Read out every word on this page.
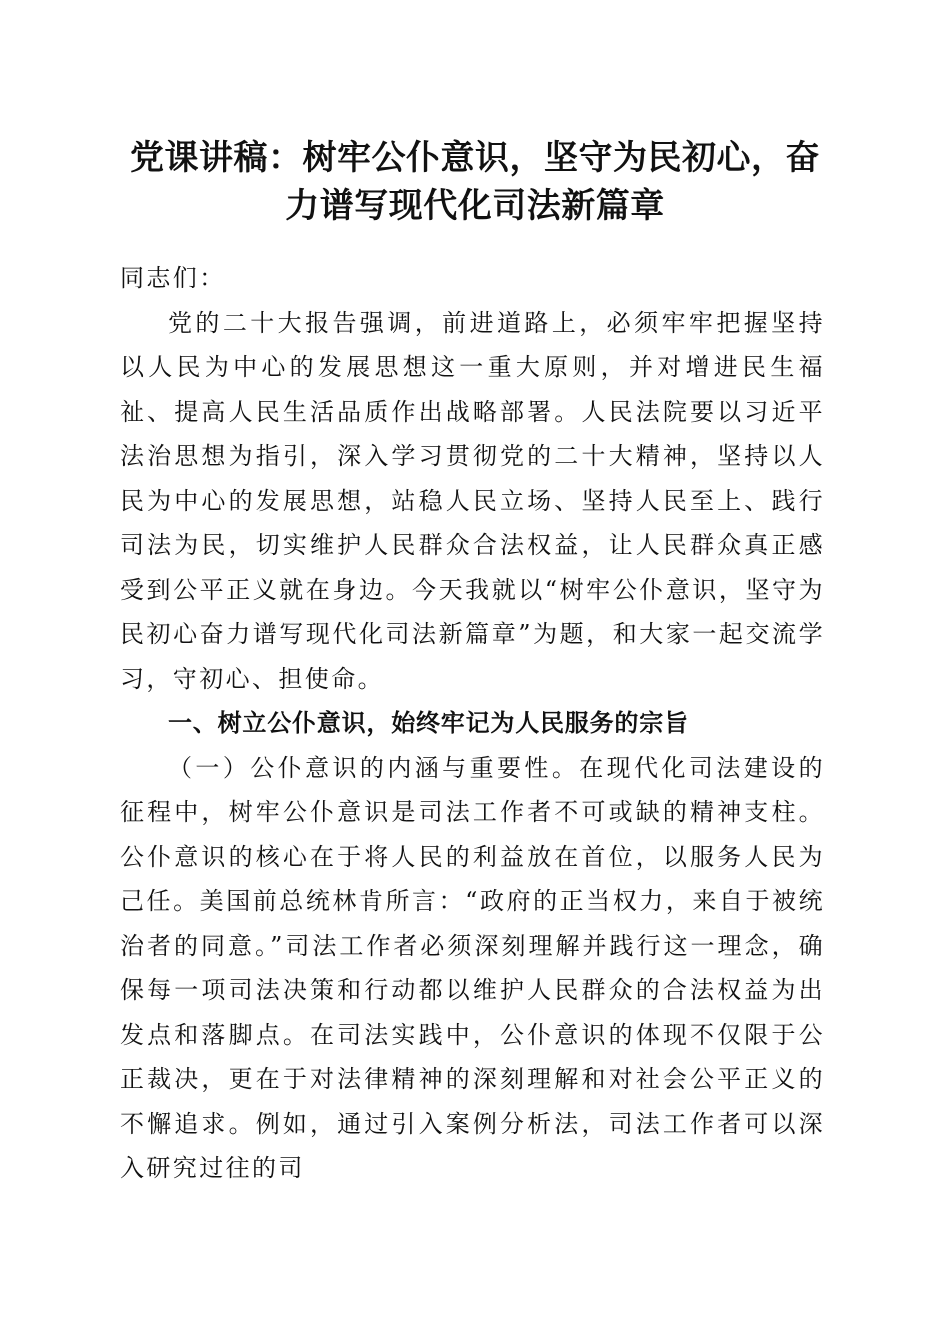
党课讲稿：树牢公仆意识，坚守为民初心，奋
力谱写现代化司法新篇章

同志们：

党的二十大报告强调，前进道路上，必须牢牢把握坚持以人民为中心的发展思想这一重大原则，并对增进民生福祉、提高人民生活品质作出战略部署。人民法院要以习近平法治思想为指引，深入学习贯彻党的二十大精神，坚持以人民为中心的发展思想，站稳人民立场、坚持人民至上、践行司法为民，切实维护人民群众合法权益，让人民群众真正感受到公平正义就在身边。今天我就以“树牢公仆意识，坚守为民初心奋力谱写现代化司法新篇章”为题，和大家一起交流学习，守初心、担使命。

一、树立公仆意识，始终牢记为人民服务的宗旨

（一）公仆意识的内涵与重要性。在现代化司法建设的征程中，树牢公仆意识是司法工作者不可或缺的精神支柱。公仆意识的核心在于将人民的利益放在首位，以服务人民为己任。美国前总统林肯所言：“政府的正当权力，来自于被统治者的同意。”司法工作者必须深刻理解并践行这一理念，确保每一项司法决策和行动都以维护人民群众的合法权益为出发点和落脚点。在司法实践中，公仆意识的体现不仅限于公正裁决，更在于对法律精神的深刻理解和对社会公平正义的不懈追求。例如，通过引入案例分析法，司法工作者可以深入研究过往的司
